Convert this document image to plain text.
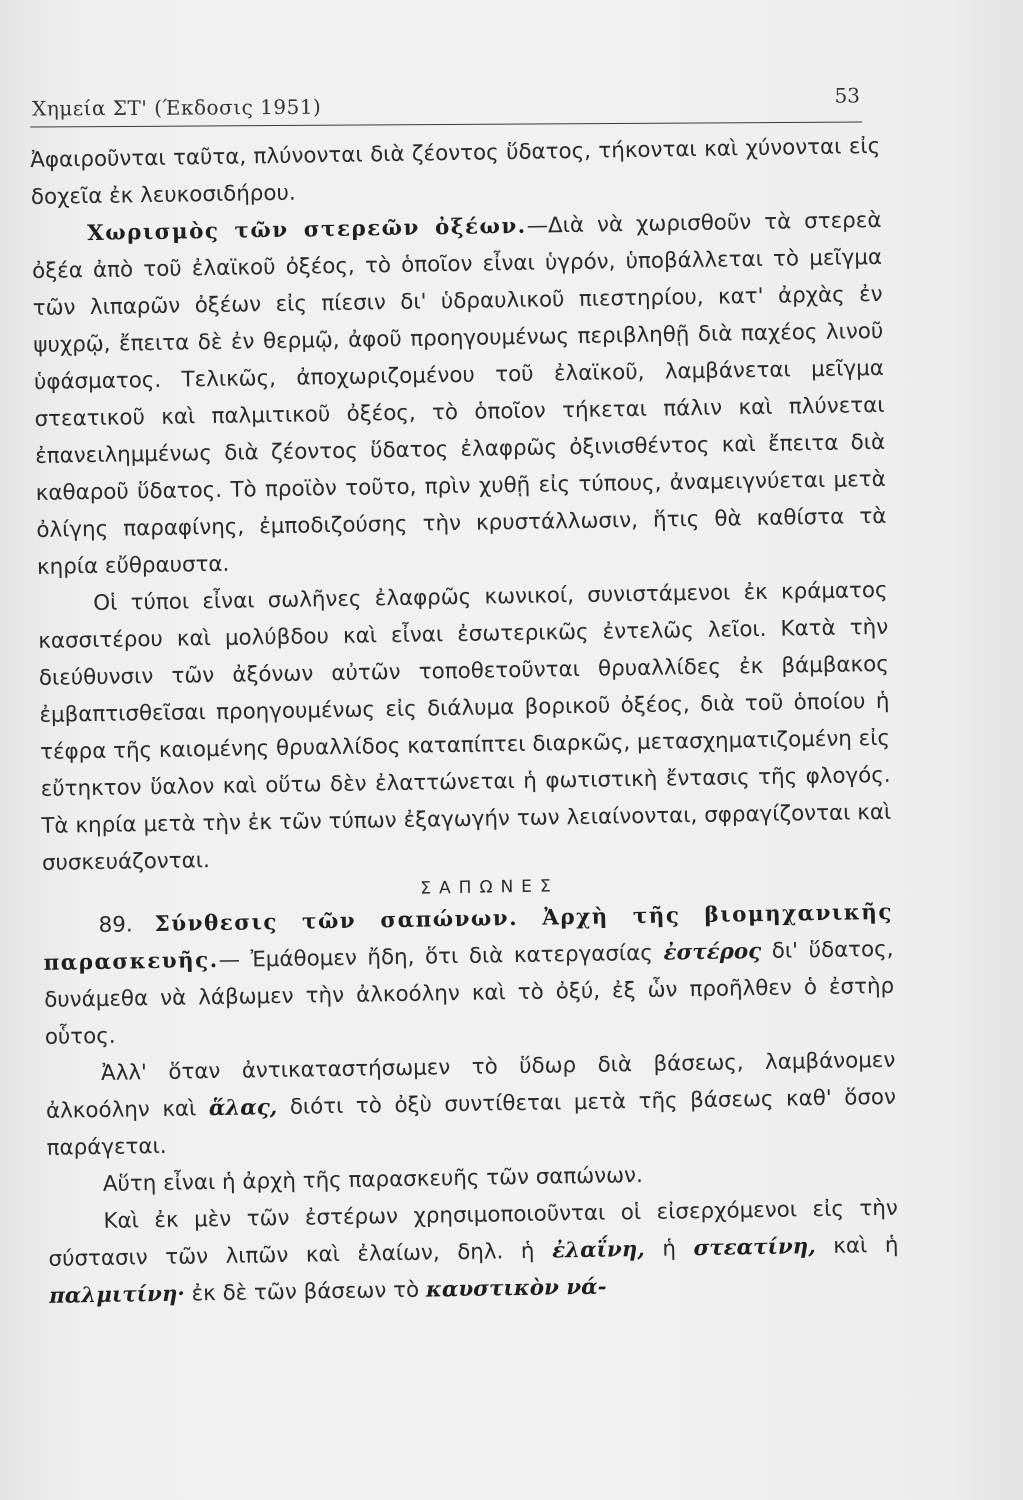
Χημεία ΣΤ' (Έκδοσις 1951)	53

Ἀφαιροῦνται ταῦτα, πλύνονται διὰ ζέοντος ὕδατος, τήκονται καὶ χύνονται εἰς δοχεῖα ἐκ λευκοσιδήρου.

Χωρισμὸς τῶν στερεῶν ὀξέων.—Διὰ νὰ χωρισθοῦν τὰ στερεὰ ὀξέα ἀπὸ τοῦ ἐλαϊκοῦ ὀξέος, τὸ ὁποῖον εἶναι ὑγρόν, ὑποβάλλεται τὸ μεῖγμα τῶν λιπαρῶν ὀξέων εἰς πίεσιν δι' ὑδραυλικοῦ πιεστηρίου, κατ' ἀρχὰς ἐν ψυχρῷ, ἔπειτα δὲ ἐν θερμῷ, ἀφοῦ προηγουμένως περιβληθῇ διὰ παχέος λινοῦ ὑφάσματος. Τελικῶς, ἀποχωριζομένου τοῦ ἐλαϊκοῦ, λαμβάνεται μεῖγμα στεατικοῦ καὶ παλμιτικοῦ ὀξέος, τὸ ὁποῖον τήκεται πάλιν καὶ πλύνεται ἐπανειλημμένως διὰ ζέοντος ὕδατος ἐλαφρῶς ὀξινισθέντος καὶ ἔπειτα διὰ καθαροῦ ὕδατος. Τὸ προϊὸν τοῦτο, πρὶν χυθῇ εἰς τύπους, ἀναμειγνύεται μετὰ ὀλίγης παραφίνης, ἐμποδιζούσης τὴν κρυστάλλωσιν, ἥτις θὰ καθίστα τὰ κηρία εὔθραυστα.

Οἱ τύποι εἶναι σωλῆνες ἐλαφρῶς κωνικοί, συνιστάμενοι ἐκ κράματος κασσιτέρου καὶ μολύβδου καὶ εἶναι ἐσωτερικῶς ἐντελῶς λεῖοι. Κατὰ τὴν διεύθυνσιν τῶν ἀξόνων αὐτῶν τοποθετοῦνται θρυαλλίδες ἐκ βάμβακος ἐμβαπτισθεῖσαι προηγουμένως εἰς διάλυμα βορικοῦ ὀξέος, διὰ τοῦ ὁποίου ἡ τέφρα τῆς καιομένης θρυαλλίδος καταπίπτει διαρκῶς, μετασχηματιζομένη εἰς εὔτηκτον ὕαλον καὶ οὕτω δὲν ἐλαττώνεται ἡ φωτιστικὴ ἔντασις τῆς φλογός. Τὰ κηρία μετὰ τὴν ἐκ τῶν τύπων ἐξαγωγήν των λειαίνονται, σφραγίζονται καὶ συσκευάζονται.

ΣΑΠΩΝΕΣ

89. Σύνθεσις τῶν σαπώνων. Ἀρχὴ τῆς βιομηχανικῆς παρασκευῆς.— Ἐμάθομεν ἤδη, ὅτι διὰ κατεργασίας ἐστέρος δι' ὕδατος, δυνάμεθα νὰ λάβωμεν τὴν ἀλκοόλην καὶ τὸ ὀξύ, ἐξ ὧν προῆλθεν ὁ ἐστὴρ οὗτος.

Ἀλλ' ὅταν ἀντικαταστήσωμεν τὸ ὕδωρ διὰ βάσεως, λαμβάνομεν ἀλκοόλην καὶ ἅλας, διότι τὸ ὀξὺ συντίθεται μετὰ τῆς βάσεως καθ' ὅσον παράγεται.

Αὕτη εἶναι ἡ ἀρχὴ τῆς παρασκευῆς τῶν σαπώνων.

Καὶ ἐκ μὲν τῶν ἐστέρων χρησιμοποιοῦνται οἱ εἰσερχόμενοι εἰς τὴν σύστασιν τῶν λιπῶν καὶ ἐλαίων, δηλ. ἡ ἐλαΐνη, ἡ στεατίνη, καὶ ἡ παλμιτίνη· ἐκ δὲ τῶν βάσεων τὸ καυστικὸν νά-
